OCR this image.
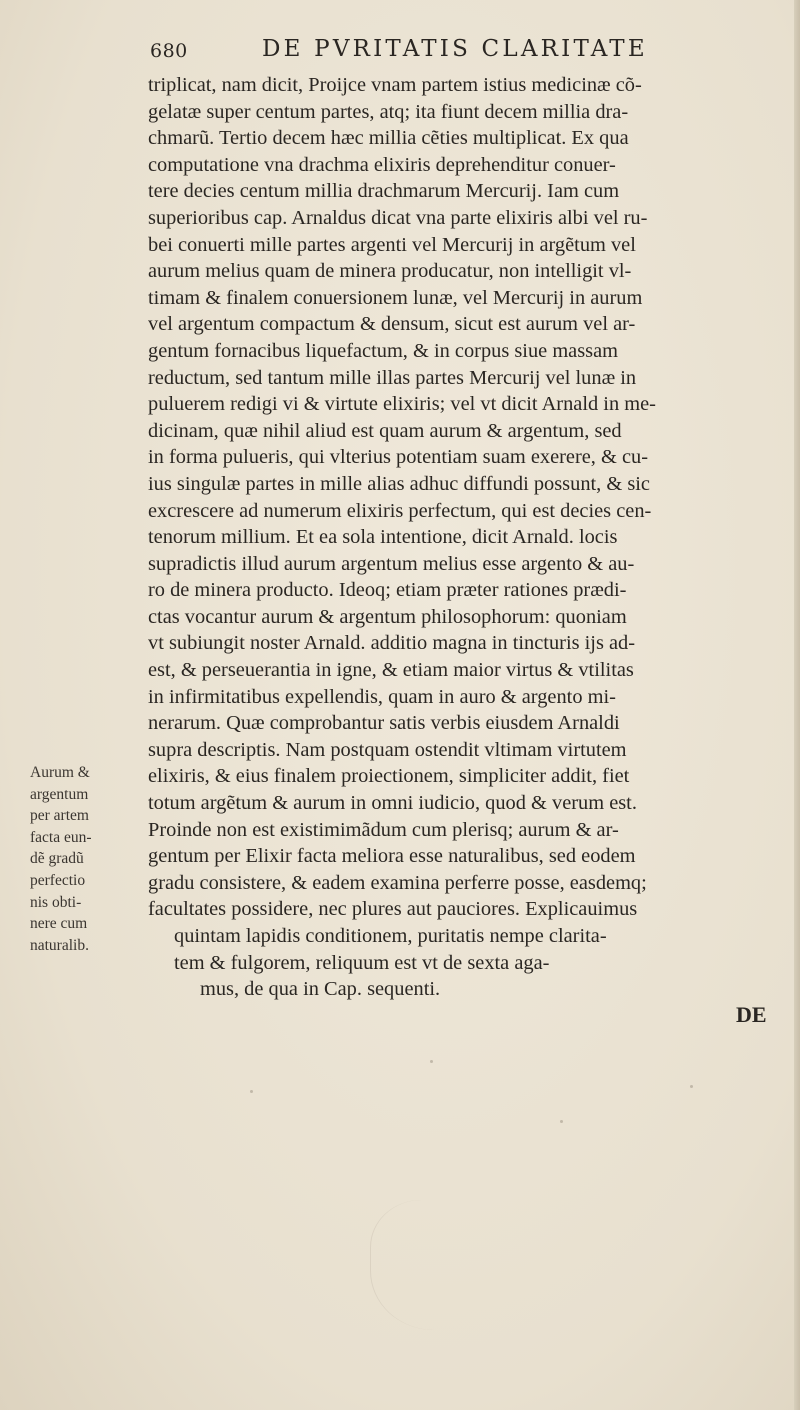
680	DE PVRITATIS CLARITATE
triplicat, nam dicit, Proijce vnam partem istius medicinæ cõ-
gelatæ super centum partes, atq; ita fiunt decem millia dra-
chmarũ. Tertio decem hæc millia cẽties multiplicat. Ex qua
computatione vna drachma elixiris deprehenditur conuer-
tere decies centum millia drachmarum Mercurij. Iam cum
superioribus cap. Arnaldus dicat vna parte elixiris albi vel ru-
bei conuerti mille partes argenti vel Mercurij in argẽtum vel
aurum melius quam de minera producatur, non intelligit vl-
timam & finalem conuersionem lunæ, vel Mercurij in aurum
vel argentum compactum & densum, sicut est aurum vel ar-
gentum fornacibus liquefactum, & in corpus siue massam
reductum, sed tantum mille illas partes Mercurij vel lunæ in
puluerem redigi vi & virtute elixiris; vel vt dicit Arnald in me-
dicinam, quæ nihil aliud est quam aurum & argentum, sed
in forma pulueris, qui vlterius potentiam suam exerere, & cu-
ius singulæ partes in mille alias adhuc diffundi possunt, & sic
excrescere ad numerum elixiris perfectum, qui est decies cen-
tenorum millium. Et ea sola intentione, dicit Arnald. locis
supradictis illud aurum argentum melius esse argento & au-
ro de minera producto. Ideoq; etiam præter rationes prædi-
ctas vocantur aurum & argentum philosophorum: quoniam
vt subiungit noster Arnald. additio magna in tincturis ijs ad-
est, & perseuerantia in igne, & etiam maior virtus & vtilitas
in infirmitatibus expellendis, quam in auro & argento mi-
nerarum. Quæ comprobantur satis verbis eiusdem Arnaldi
supra descriptis. Nam postquam ostendit vltimam virtutem
elixiris, & eius finalem proiectionem, simpliciter addit, fiet
totum argẽtum & aurum in omni iudicio, quod & verum est.
Proinde non est existimimãdum cum plerisq; aurum & ar-
gentum per Elixir facta meliora esse naturalibus, sed eodem
gradu consistere, & eadem examina perferre posse, easdemq;
facultates possidere, nec plures aut pauciores. Explicauimus
quintam lapidis conditionem, puritatis nempe clarita-
tem & fulgorem, reliquum est vt de sexta aga-
mus, de qua in Cap. sequenti.
Aurum &
argentum
per artem
facta eun-
dẽ gradũ
perfectio
nis obti-
nere cum
naturalib.
DE
